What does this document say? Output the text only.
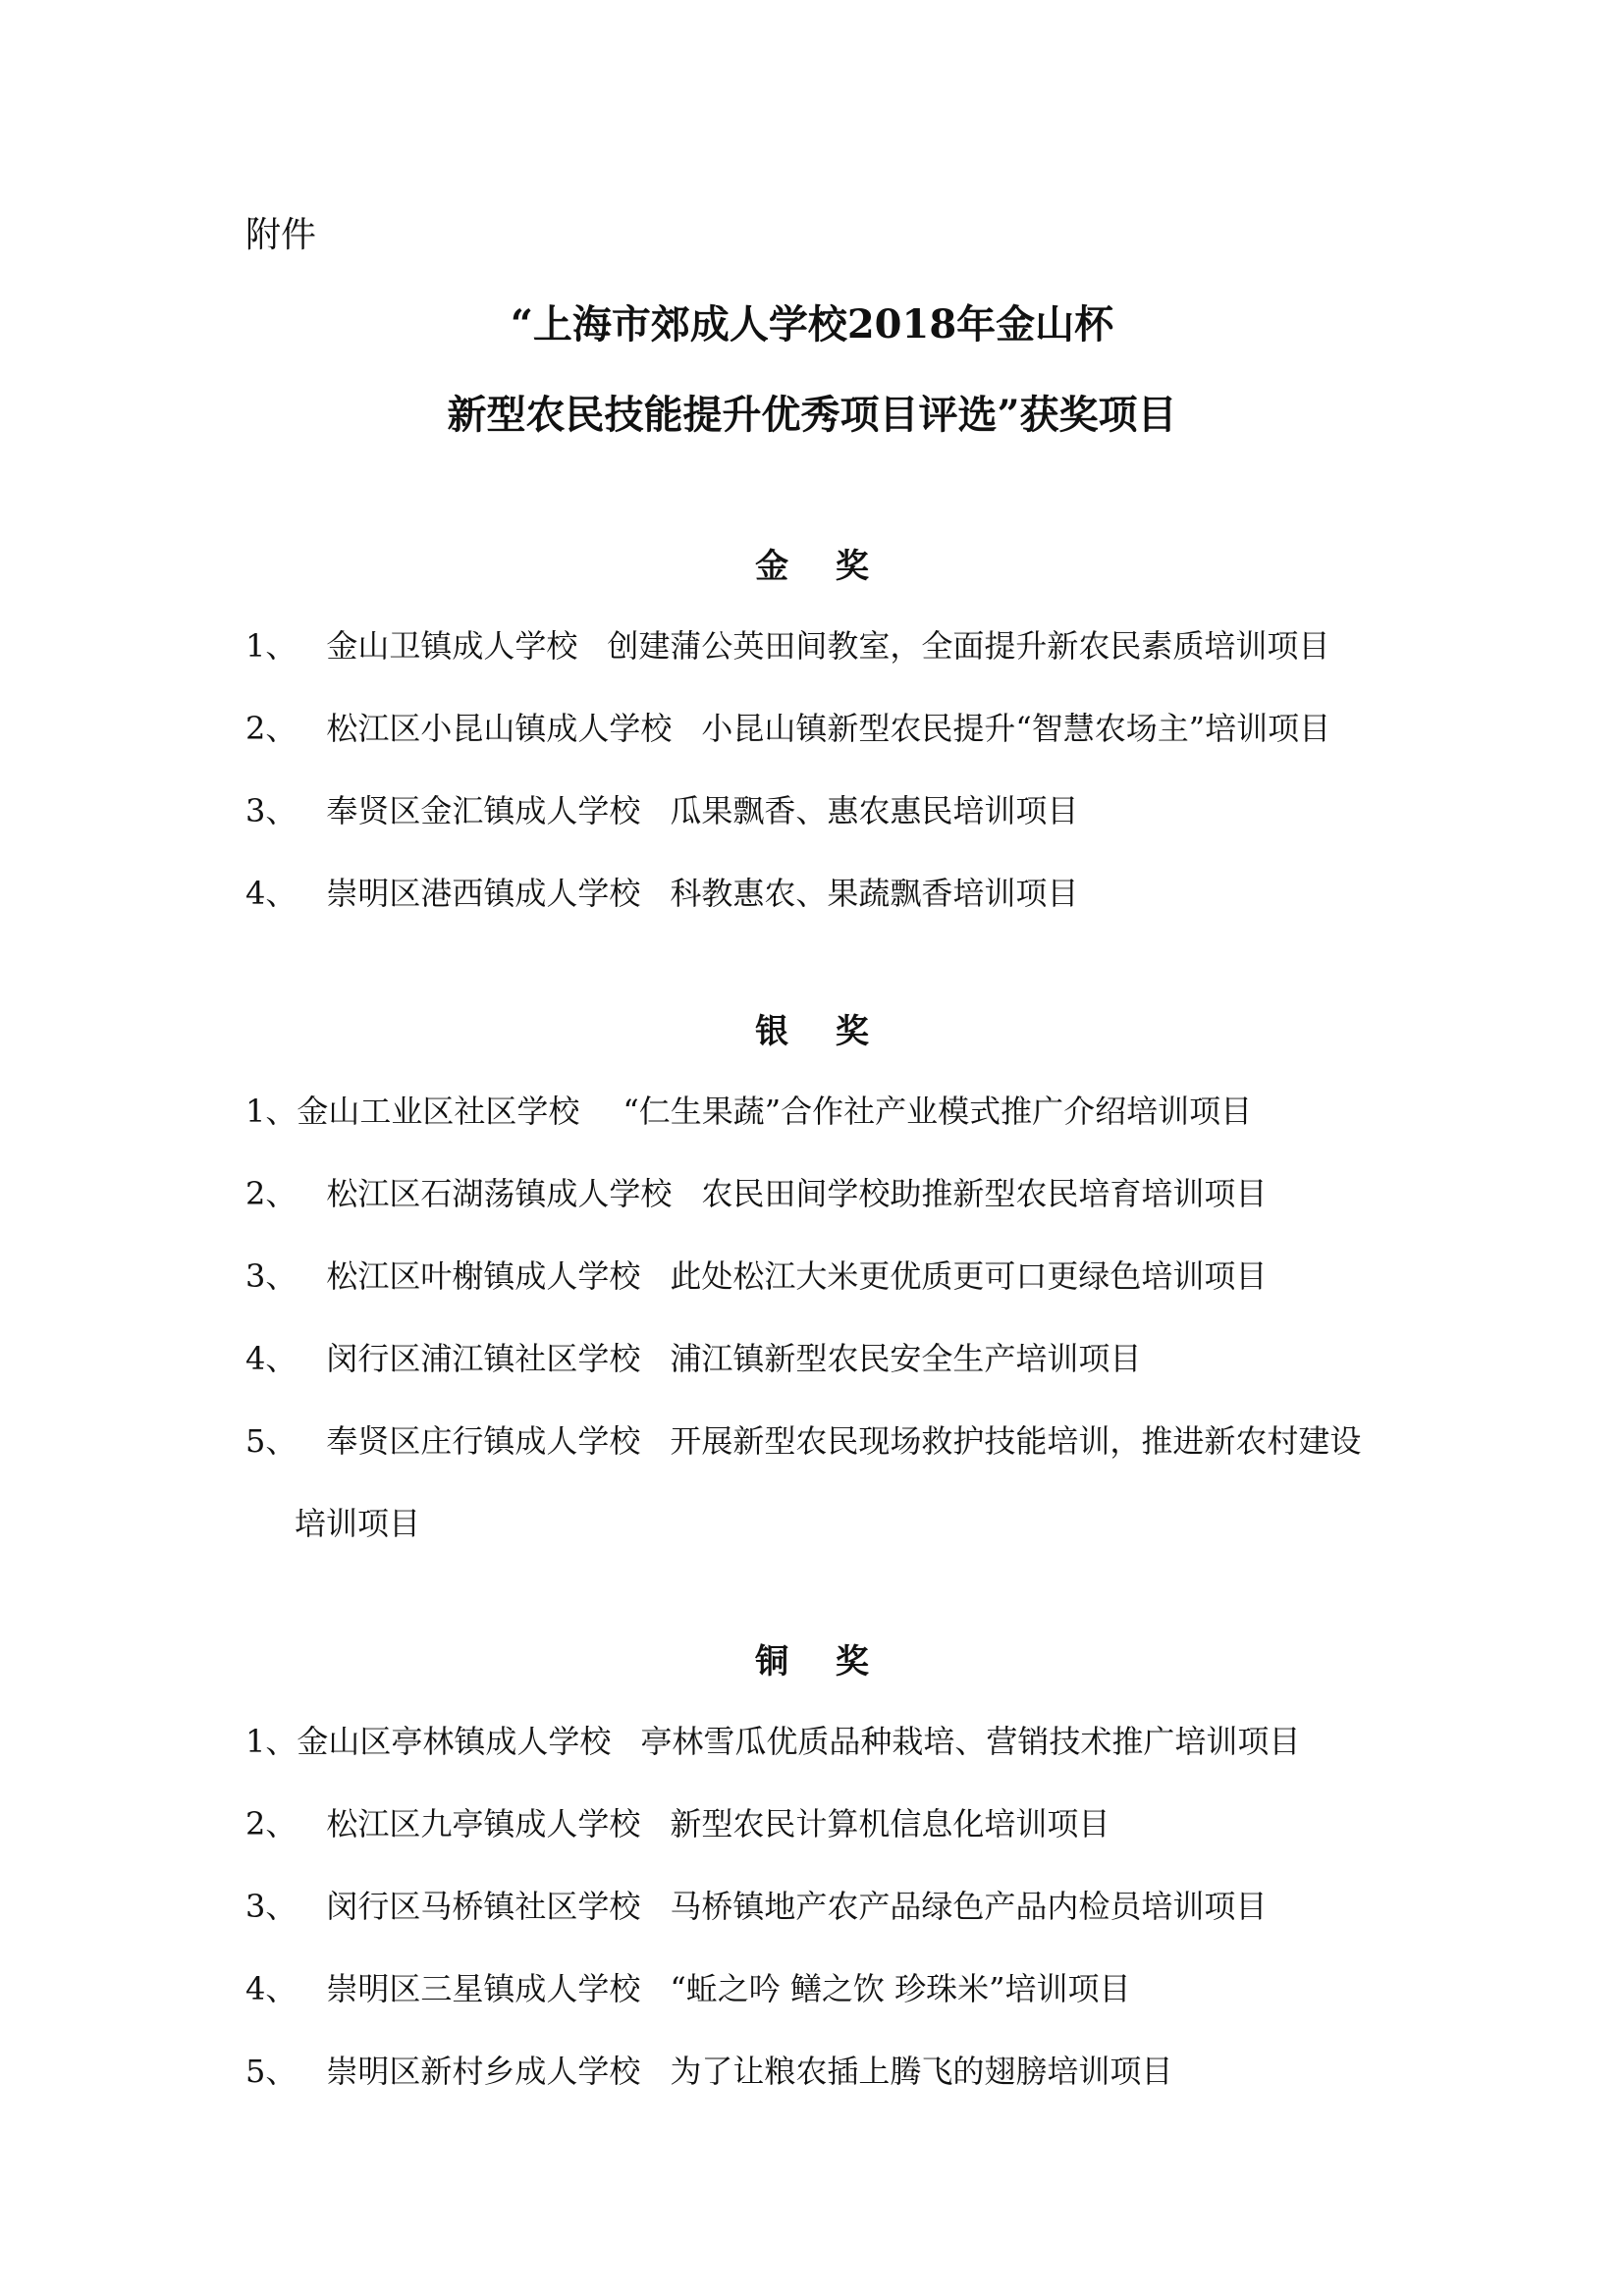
附件

“上海市郊成人学校2018年金山杯
新型农民技能提升优秀项目评选”获奖项目
金 奖

1、 金山卫镇成人学校 创建蒲公英田间教室，全面提升新农民素质培训项目

2、 松江区小昆山镇成人学校 小昆山镇新型农民提升“智慧农场主”培训项目

3、 奉贤区金汇镇成人学校 瓜果飘香、惠农惠民培训项目

4、 崇明区港西镇成人学校 科教惠农、果蔬飘香培训项目

银 奖

1、金山工业区社区学校 “仁生果蔬”合作社产业模式推广介绍培训项目

2、 松江区石湖荡镇成人学校 农民田间学校助推新型农民培育培训项目

3、 松江区叶榭镇成人学校 此处松江大米更优质更可口更绿色培训项目

4、 闵行区浦江镇社区学校 浦江镇新型农民安全生产培训项目

5、 奉贤区庄行镇成人学校 开展新型农民现场救护技能培训，推进新农村建设

培训项目

铜 奖

1、金山区亭林镇成人学校 亭林雪瓜优质品种栽培、营销技术推广培训项目

2、 松江区九亭镇成人学校 新型农民计算机信息化培训项目

3、 闵行区马桥镇社区学校 马桥镇地产农产品绿色产品内检员培训项目

4、 崇明区三星镇成人学校 “蚯之吟 鳝之饮 珍珠米”培训项目

5、 崇明区新村乡成人学校 为了让粮农插上腾飞的翅膀培训项目
